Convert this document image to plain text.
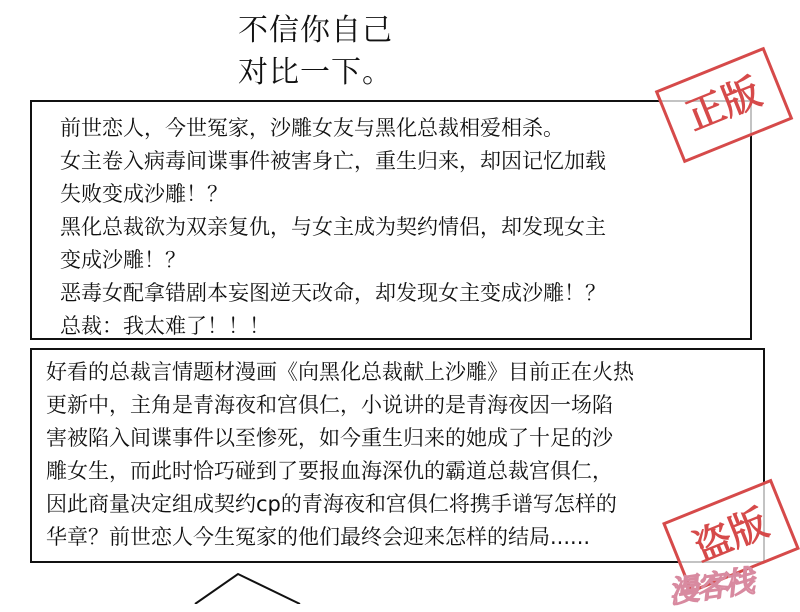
不信你自己
对比一下。
前世恋人，今世冤家，沙雕女友与黑化总裁相爱相杀。
女主卷入病毒间谍事件被害身亡，重生归来，却因记忆加载
失败变成沙雕！？
黑化总裁欲为双亲复仇，与女主成为契约情侣，却发现女主
变成沙雕！？
恶毒女配拿错剧本妄图逆天改命，却发现女主变成沙雕！？
总裁：我太难了！！！
正版
好看的总裁言情题材漫画《向黑化总裁献上沙雕》目前正在火热
更新中，主角是青海夜和宫俱仁，小说讲的是青海夜因一场陷
害被陷入间谍事件以至惨死，如今重生归来的她成了十足的沙
雕女生，而此时恰巧碰到了要报血海深仇的霸道总裁宫俱仁，
因此商量决定组成契约cp的青海夜和宫俱仁将携手谱写怎样的
华章？前世恋人今生冤家的他们最终会迎来怎样的结局......	盗版
漫客栈
